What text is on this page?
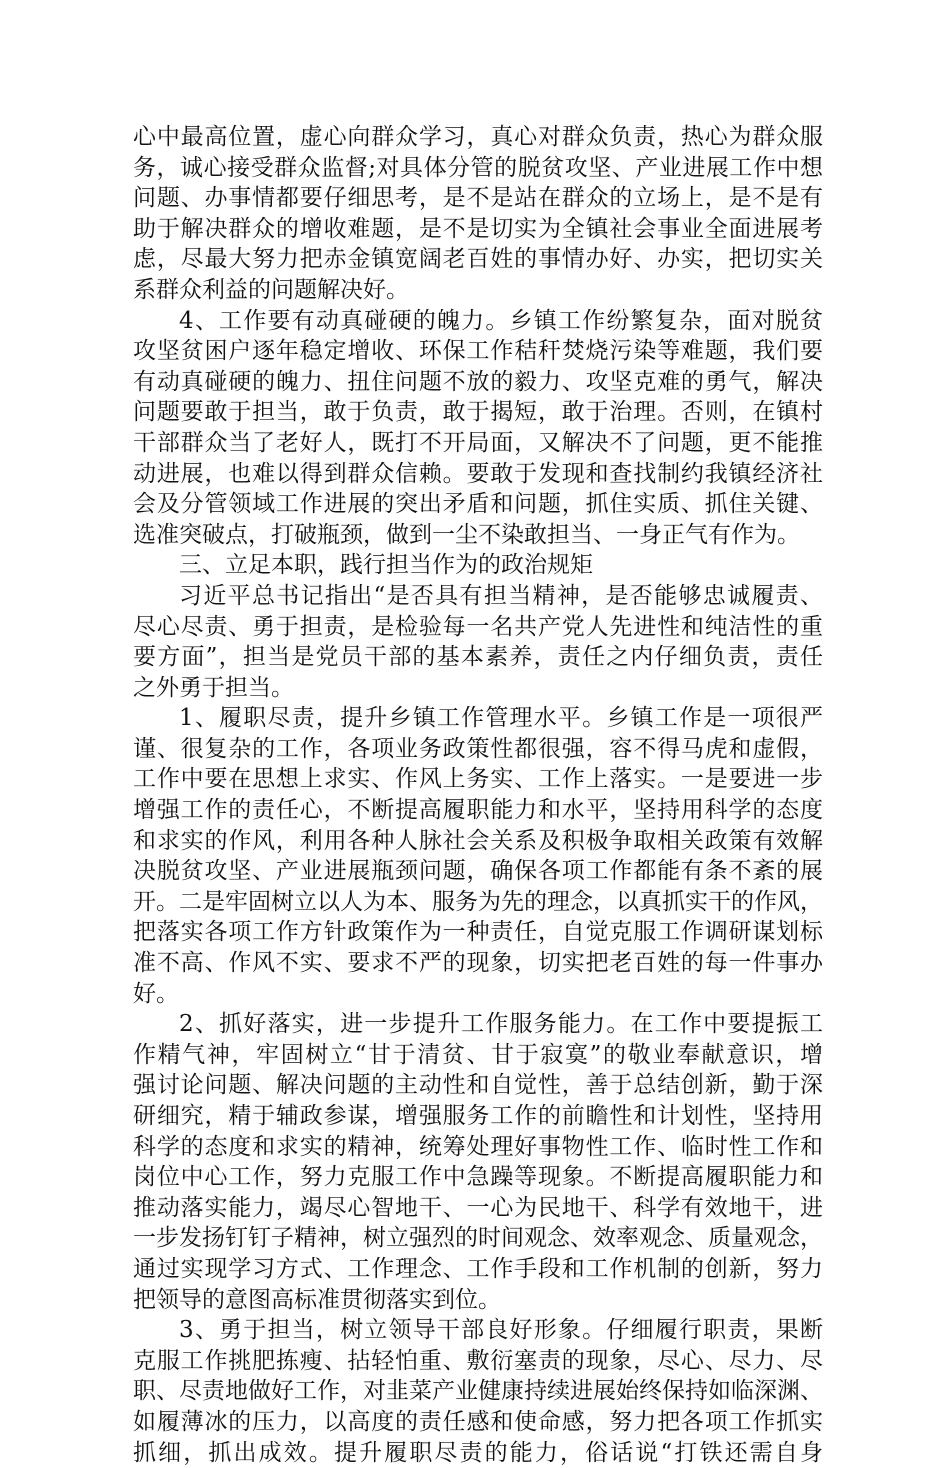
心中最高位置，虚心向群众学习，真心对群众负责，热心为群众服
务，诚心接受群众监督;对具体分管的脱贫攻坚、产业进展工作中想
问题、办事情都要仔细思考，是不是站在群众的立场上，是不是有
助于解决群众的增收难题，是不是切实为全镇社会事业全面进展考
虑，尽最大努力把赤金镇宽阔老百姓的事情办好、办实，把切实关
系群众利益的问题解决好。
4、工作要有动真碰硬的魄力。乡镇工作纷繁复杂，面对脱贫
攻坚贫困户逐年稳定增收、环保工作秸秆焚烧污染等难题，我们要
有动真碰硬的魄力、扭住问题不放的毅力、攻坚克难的勇气，解决
问题要敢于担当，敢于负责，敢于揭短，敢于治理。否则，在镇村
干部群众当了老好人，既打不开局面，又解决不了问题，更不能推
动进展，也难以得到群众信赖。要敢于发现和查找制约我镇经济社
会及分管领域工作进展的突出矛盾和问题，抓住实质、抓住关键、
选准突破点，打破瓶颈，做到一尘不染敢担当、一身正气有作为。
三、立足本职，践行担当作为的政治规矩
习近平总书记指出“是否具有担当精神，是否能够忠诚履责、
尽心尽责、勇于担责，是检验每一名共产党人先进性和纯洁性的重
要方面”，担当是党员干部的基本素养，责任之内仔细负责，责任
之外勇于担当。
1、履职尽责，提升乡镇工作管理水平。乡镇工作是一项很严
谨、很复杂的工作，各项业务政策性都很强，容不得马虎和虚假，
工作中要在思想上求实、作风上务实、工作上落实。一是要进一步
增强工作的责任心，不断提高履职能力和水平，坚持用科学的态度
和求实的作风，利用各种人脉社会关系及积极争取相关政策有效解
决脱贫攻坚、产业进展瓶颈问题，确保各项工作都能有条不紊的展
开。二是牢固树立以人为本、服务为先的理念，以真抓实干的作风，
把落实各项工作方针政策作为一种责任，自觉克服工作调研谋划标
准不高、作风不实、要求不严的现象，切实把老百姓的每一件事办
好。
2、抓好落实，进一步提升工作服务能力。在工作中要提振工
作精气神，牢固树立“甘于清贫、甘于寂寞”的敬业奉献意识，增
强讨论问题、解决问题的主动性和自觉性，善于总结创新，勤于深
研细究，精于辅政参谋，增强服务工作的前瞻性和计划性，坚持用
科学的态度和求实的精神，统筹处理好事物性工作、临时性工作和
岗位中心工作，努力克服工作中急躁等现象。不断提高履职能力和
推动落实能力，竭尽心智地干、一心为民地干、科学有效地干，进
一步发扬钉钉子精神，树立强烈的时间观念、效率观念、质量观念，
通过实现学习方式、工作理念、工作手段和工作机制的创新，努力
把领导的意图高标准贯彻落实到位。
3、勇于担当，树立领导干部良好形象。仔细履行职责，果断
克服工作挑肥拣瘦、拈轻怕重、敷衍塞责的现象，尽心、尽力、尽
职、尽责地做好工作，对韭菜产业健康持续进展始终保持如临深渊、
如履薄冰的压力，以高度的责任感和使命感，努力把各项工作抓实
抓细，抓出成效。提升履职尽责的能力，俗话说“打铁还需自身
